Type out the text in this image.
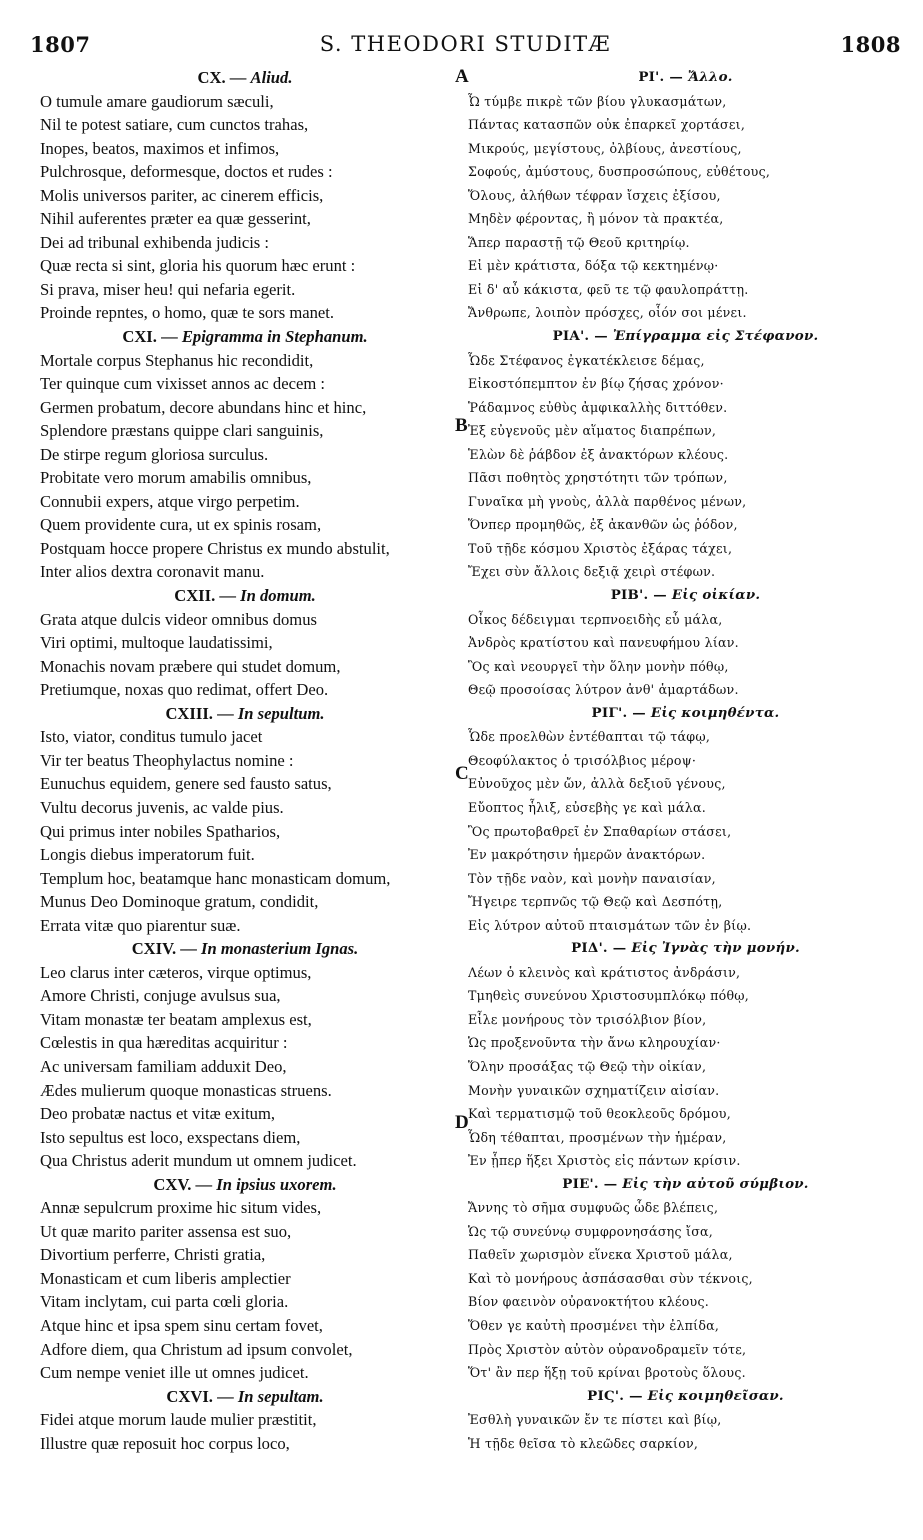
1807	S. THEODORI STUDITÆ	1808
CX. — Aliud.
O tumule amare gaudiorum sæculi,
Nil te potest satiare, cum cunctos trahas,
Inopes, beatos, maximos et infimos,
Pulchrosque, deformesque, doctos et rudes :
Molis universos pariter, ac cinerem efficis,
Nihil auferentes præter ea quæ gesserint,
Dei ad tribunal exhibenda judicis :
Quæ recta si sint, gloria his quorum hæc erunt :
Si prava, miser heu! qui nefaria egerit.
Proinde repntes, o homo, quæ te sors manet.
CXI. — Epigramma in Stephanum.
Mortale corpus Stephanus hic recondidit,
Ter quinque cum vixisset annos ac decem :
Germen probatum, decore abundans hinc et hinc,
Splendore præstans quippe clari sanguinis,
De stirpe regum gloriosa surculus.
Probitate vero morum amabilis omnibus,
Connubii expers, atque virgo perpetim.
Quem providente cura, ut ex spinis rosam,
Postquam hocce propere Christus ex mundo abstulit,
Inter alios dextra coronavit manu.
CXII. — In domum.
Grata atque dulcis videor omnibus domus
Viri optimi, multoque laudatissimi,
Monachis novam præbere qui studet domum,
Pretiumque, noxas quo redimat, offert Deo.
CXIII. — In sepultum.
Isto, viator, conditus tumulo jacet
Vir ter beatus Theophylactus nomine :
Eunuchus equidem, genere sed fausto satus,
Vultu decorus juvenis, ac valde pius.
Qui primus inter nobiles Spatharios,
Longis diebus imperatorum fuit.
Templum hoc, beatamque hanc monasticam domum,
Munus Deo Dominoque gratum, condidit,
Errata vitæ quo piarentur suæ.
CXIV. — In monasterium Ignas.
Leo clarus inter cæteros, virque optimus,
Amore Christi, conjuge avulsus sua,
Vitam monastæ ter beatam amplexus est,
Cœlestis in qua hæreditas acquiritur :
Ac universam familiam adduxit Deo,
Ædes mulierum quoque monasticas struens.
Deo probatæ nactus et vitæ exitum,
Isto sepultus est loco, exspectans diem,
Qua Christus aderit mundum ut omnem judicet.
CXV. — In ipsius uxorem.
Annæ sepulcrum proxime hic situm vides,
Ut quæ marito pariter assensa est suo,
Divortium perferre, Christi gratia,
Monasticam et cum liberis amplectier
Vitam inclytam, cui parta cœli gloria.
Atque hinc et ipsa spem sinu certam fovet,
Adfore diem, qua Christum ad ipsum convolet,
Cum nempe veniet ille ut omnes judicet.
CXVI. — In sepultam.
Fidei atque morum laude mulier præstitit,
Illustre quæ reposuit hoc corpus loco,
ΡΙ'. — Ἄλλο.
Ὦ τύμβε πικρὲ τῶν βίου γλυκασμάτων,
Πάντας κατασπῶν οὐκ ἐπαρκεῖ χορτάσει,
Μικρούς, μεγίστους, ὀλβίους, ἀνεστίους,
Σοφούς, ἀμύστους, δυσπροσώπους, εὐθέτους,
Ὅλους, ἀλήθων τέφραν ἴσχεις ἐξίσου,
Μηδὲν φέροντας, ἢ μόνον τὰ πρακτέα,
Ἅπερ παραστῇ τῷ Θεοῦ κριτηρίῳ.
Εἰ μὲν κράτιστα, δόξα τῷ κεκτημένῳ·
Εἰ δ' αὖ κάκιστα, φεῦ τε τῷ φαυλοπράττῃ.
Ἄνθρωπε, λοιπὸν πρόσχες, οἷόν σοι μένει.
ΡΙΑ'. — Ἐπίγραμμα εἰς Στέφανον.
Ὧδε Στέφανος ἐγκατέκλεισε δέμας,
Εἰκοστόπεμπτον ἐν βίῳ ζήσας χρόνον·
Ῥάδαμνος εὐθὺς ἀμφικαλλὴς διττόθεν.
Ἐξ εὐγενοῦς μὲν αἵματος διαπρέπων,
Ἑλὼν δὲ ῥάβδον ἐξ ἀνακτόρων κλέους.
Πᾶσι ποθητὸς χρηστότητι τῶν τρόπων,
Γυναῖκα μὴ γνοὺς, ἀλλὰ παρθένος μένων,
Ὅνπερ προμηθῶς, ἐξ ἀκανθῶν ὡς ῥόδον,
Τοῦ τῇδε κόσμου Χριστὸς ἐξάρας τάχει,
Ἔχει σὺν ἄλλοις δεξιᾷ χειρὶ στέφων.
ΡΙΒ'. — Εἰς οἰκίαν.
Οἶκος δέδειγμαι τερπνοειδὴς εὖ μάλα,
Ἀνδρὸς κρατίστου καὶ πανευφήμου λίαν.
Ὃς καὶ νεουργεῖ τὴν ὅλην μονὴν πόθῳ,
Θεῷ προσοίσας λύτρον ἀνθ' ἁμαρτάδων.
ΡΙΓ'. — Εἰς κοιμηθέντα.
Ὧδε προελθὼν ἐντέθαπται τῷ τάφῳ,
Θεοφύλακτος ὁ τρισόλβιος μέροψ·
Εὐνοῦχος μὲν ὤν, ἀλλὰ δεξιοῦ γένους,
Εὔοπτος ἧλιξ, εὐσεβὴς γε καὶ μάλα.
Ὃς πρωτοβαθρεῖ ἐν Σπαθαρίων στάσει,
Ἐν μακρότησιν ἡμερῶν ἀνακτόρων.
Τὸν τῇδε ναὸν, καὶ μονὴν παναισίαν,
Ἤγειρε τερπνῶς τῷ Θεῷ καὶ Δεσπότῃ,
Εἰς λύτρον αὐτοῦ πταισμάτων τῶν ἐν βίῳ.
ΡΙΔ'. — Εἰς Ἰγνὰς τὴν μονήν.
Λέων ὁ κλεινὸς καὶ κράτιστος ἀνδράσιν,
Τμηθεὶς συνεύνου Χριστοσυμπλόκῳ πόθῳ,
Εἶλε μονήρους τὸν τρισόλβιον βίον,
Ὡς προξενοῦντα τὴν ἄνω κληρουχίαν·
Ὅλην προσάξας τῷ Θεῷ τὴν οἰκίαν,
Μονὴν γυναικῶν σχηματίζειν αἰσίαν.
Καὶ τερματισμῷ τοῦ θεοκλεοῦς δρόμου,
Ὧδη τέθαπται, προσμένων τὴν ἡμέραν,
Ἐν ᾗπερ ἥξει Χριστὸς εἰς πάντων κρίσιν.
ΡΙΕ'. — Εἰς τὴν αὐτοῦ σύμβιον.
Ἄννης τὸ σῆμα συμφυῶς ὧδε βλέπεις,
Ὡς τῷ συνεύνῳ συμφρονησάσης ἴσα,
Παθεῖν χωρισμὸν εἵνεκα Χριστοῦ μάλα,
Καὶ τὸ μονήρους ἀσπάσασθαι σὺν τέκνοις,
Βίον φαεινὸν οὐρανοκτήτου κλέους.
Ὅθεν γε καὐτὴ προσμένει τὴν ἐλπίδα,
Πρὸς Χριστὸν αὐτὸν οὐρανοδραμεῖν τότε,
Ὅτ' ἂν περ ἥξῃ τοῦ κρίναι βροτοὺς ὅλους.
ΡΙϚ'. — Εἰς κοιμηθεῖσαν.
Ἐσθλὴ γυναικῶν ἔν τε πίστει καὶ βίῳ,
Ἡ τῇδε θεῖσα τὸ κλεῶδες σαρκίον,
A
B
C
D
